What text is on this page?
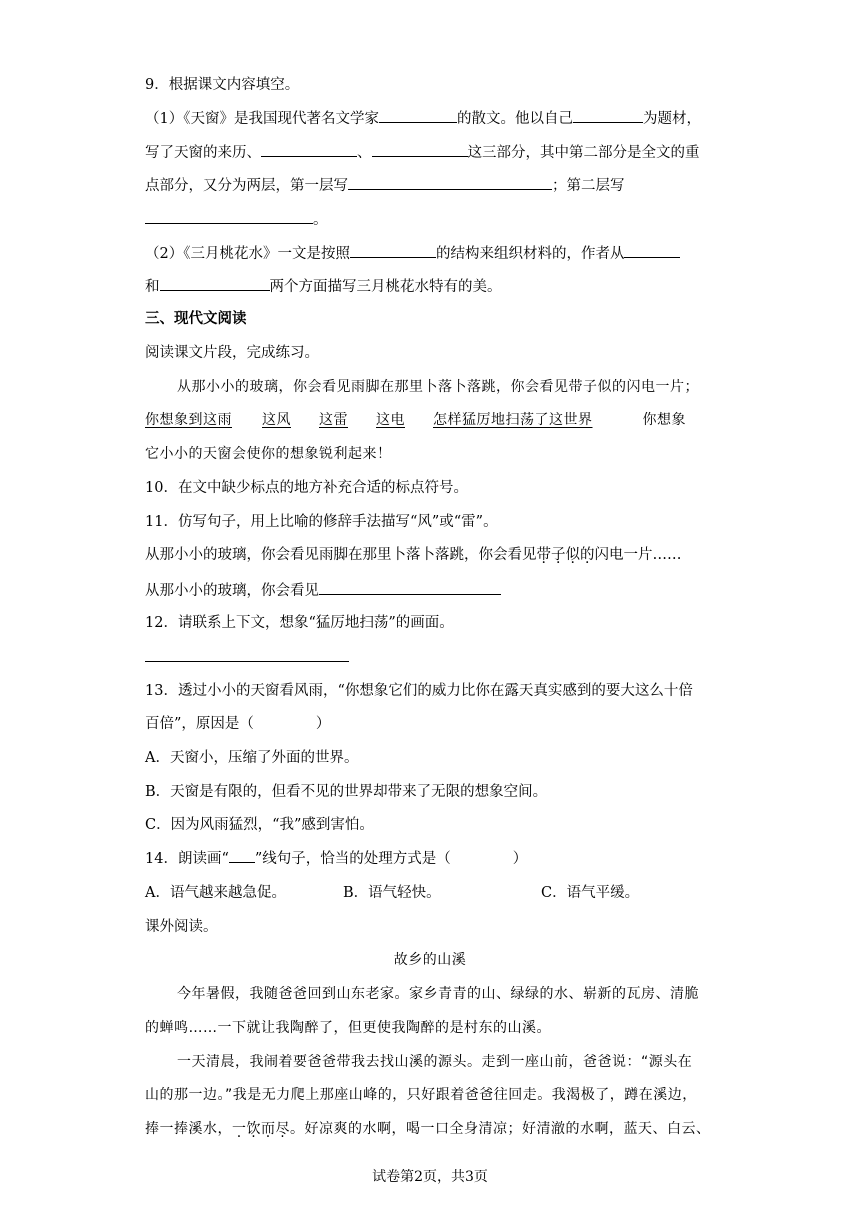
9．根据课文内容填空。
（1）《天窗》是我国现代著名文学家	的散文。他以自己	为题材，
写了天窗的来历、	、	这三部分，其中第二部分是全文的重
点部分，又分为两层，第一层写	；第二层写
。
（2）《三月桃花水》一文是按照	的结构来组织材料的，作者从
和	两个方面描写三月桃花水特有的美。
三、现代文阅读
阅读课文片段，完成练习。
从那小小的玻璃，你会看见雨脚在那里卜落卜落跳，你会看见带子似的闪电一片；
你想象到这雨 这风 这雷 这电 怎样猛厉地扫荡了这世界	你想象
它小小的天窗会使你的想象锐利起来！
10．在文中缺少标点的地方补充合适的标点符号。
11．仿写句子，用上比喻的修辞手法描写“风”或“雷”。
从那小小的玻璃，你会看见雨脚在那里卜落卜落跳，你会看见带子似的闪电一片……
从那小小的玻璃，你会看见
12．请联系上下文，想象“猛厉地扫荡”的画面。
13．透过小小的天窗看风雨，“你想象它们的威力比你在露天真实感到的要大这么十倍
百倍”，原因是（	）
A．天窗小，压缩了外面的世界。
B．天窗是有限的，但看不见的世界却带来了无限的想象空间。
C．因为风雨猛烈，“我”感到害怕。
14．朗读画“ ”线句子，恰当的处理方式是（	）
A．语气越来越急促。	B．语气轻快。	C．语气平缓。
课外阅读。
故乡的山溪
今年暑假，我随爸爸回到山东老家。家乡青青的山、绿绿的水、崭新的瓦房、清脆
的蝉鸣……一下就让我陶醉了，但更使我陶醉的是村东的山溪。
一天清晨，我闹着要爸爸带我去找山溪的源头。走到一座山前，爸爸说：“源头在
山的那一边。”我是无力爬上那座山峰的，只好跟着爸爸往回走。我渴极了，蹲在溪边，
捧一捧溪水，一饮而尽。好凉爽的水啊，喝一口全身清凉；好清澈的水啊，蓝天、白云、
试卷第2页，共3页
